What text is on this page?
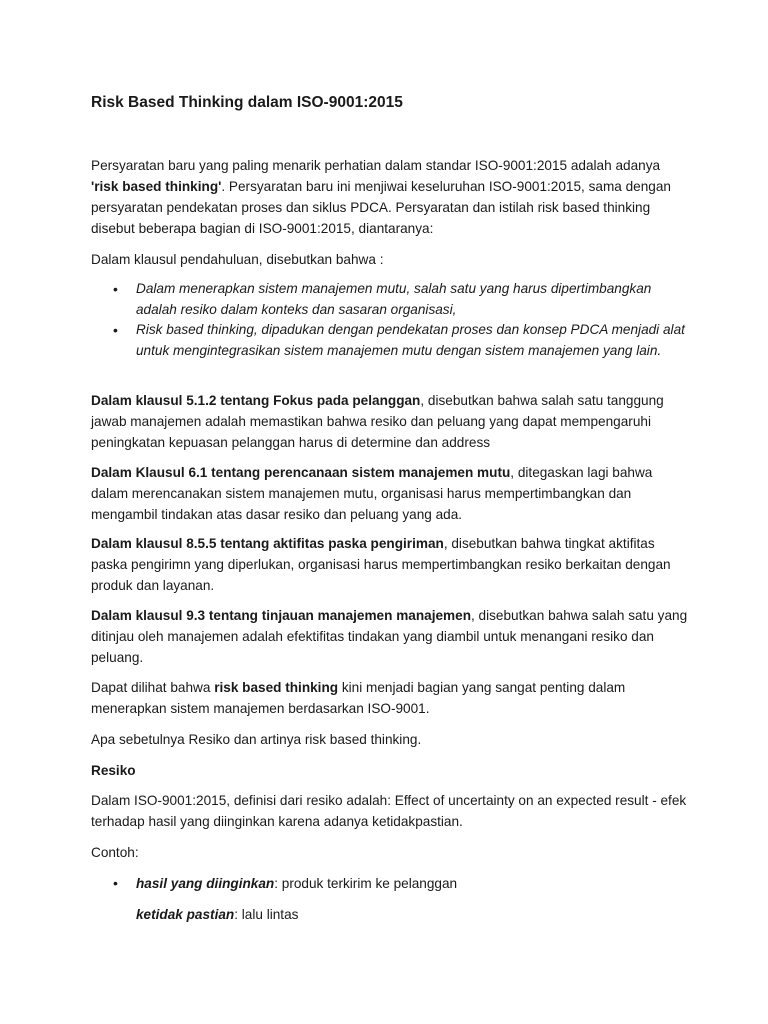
Risk Based Thinking dalam ISO-9001:2015

Persyaratan baru yang paling menarik perhatian dalam standar ISO-9001:2015 adalah adanya 'risk based thinking'. Persyaratan baru ini menjiwai keseluruhan ISO-9001:2015, sama dengan persyaratan pendekatan proses dan siklus PDCA. Persyaratan dan istilah risk based thinking disebut beberapa bagian di ISO-9001:2015, diantaranya:

Dalam klausul pendahuluan, disebutkan bahwa :

• Dalam menerapkan sistem manajemen mutu, salah satu yang harus dipertimbangkan adalah resiko dalam konteks dan sasaran organisasi,
• Risk based thinking, dipadukan dengan pendekatan proses dan konsep PDCA menjadi alat untuk mengintegrasikan sistem manajemen mutu dengan sistem manajemen yang lain.

Dalam klausul 5.1.2 tentang Fokus pada pelanggan, disebutkan bahwa salah satu tanggung jawab manajemen adalah memastikan bahwa resiko dan peluang yang dapat mempengaruhi peningkatan kepuasan pelanggan harus di determine dan address

Dalam Klausul 6.1 tentang perencanaan sistem manajemen mutu, ditegaskan lagi bahwa dalam merencanakan sistem manajemen mutu, organisasi harus mempertimbangkan dan mengambil tindakan atas dasar resiko dan peluang yang ada.

Dalam klausul 8.5.5 tentang aktifitas paska pengiriman, disebutkan bahwa tingkat aktifitas paska pengirimn yang diperlukan, organisasi harus mempertimbangkan resiko berkaitan dengan produk dan layanan.

Dalam klausul 9.3 tentang tinjauan manajemen manajemen, disebutkan bahwa salah satu yang ditinjau oleh manajemen adalah efektifitas tindakan yang diambil untuk menangani resiko dan peluang.

Dapat dilihat bahwa risk based thinking kini menjadi bagian yang sangat penting dalam menerapkan sistem manajemen berdasarkan ISO-9001.

Apa sebetulnya Resiko dan artinya risk based thinking.

Resiko

Dalam ISO-9001:2015, definisi dari resiko adalah: Effect of uncertainty on an expected result - efek terhadap hasil yang diinginkan karena adanya ketidakpastian.

Contoh:

• hasil yang diinginkan: produk terkirim ke pelanggan
ketidak pastian: lalu lintas
